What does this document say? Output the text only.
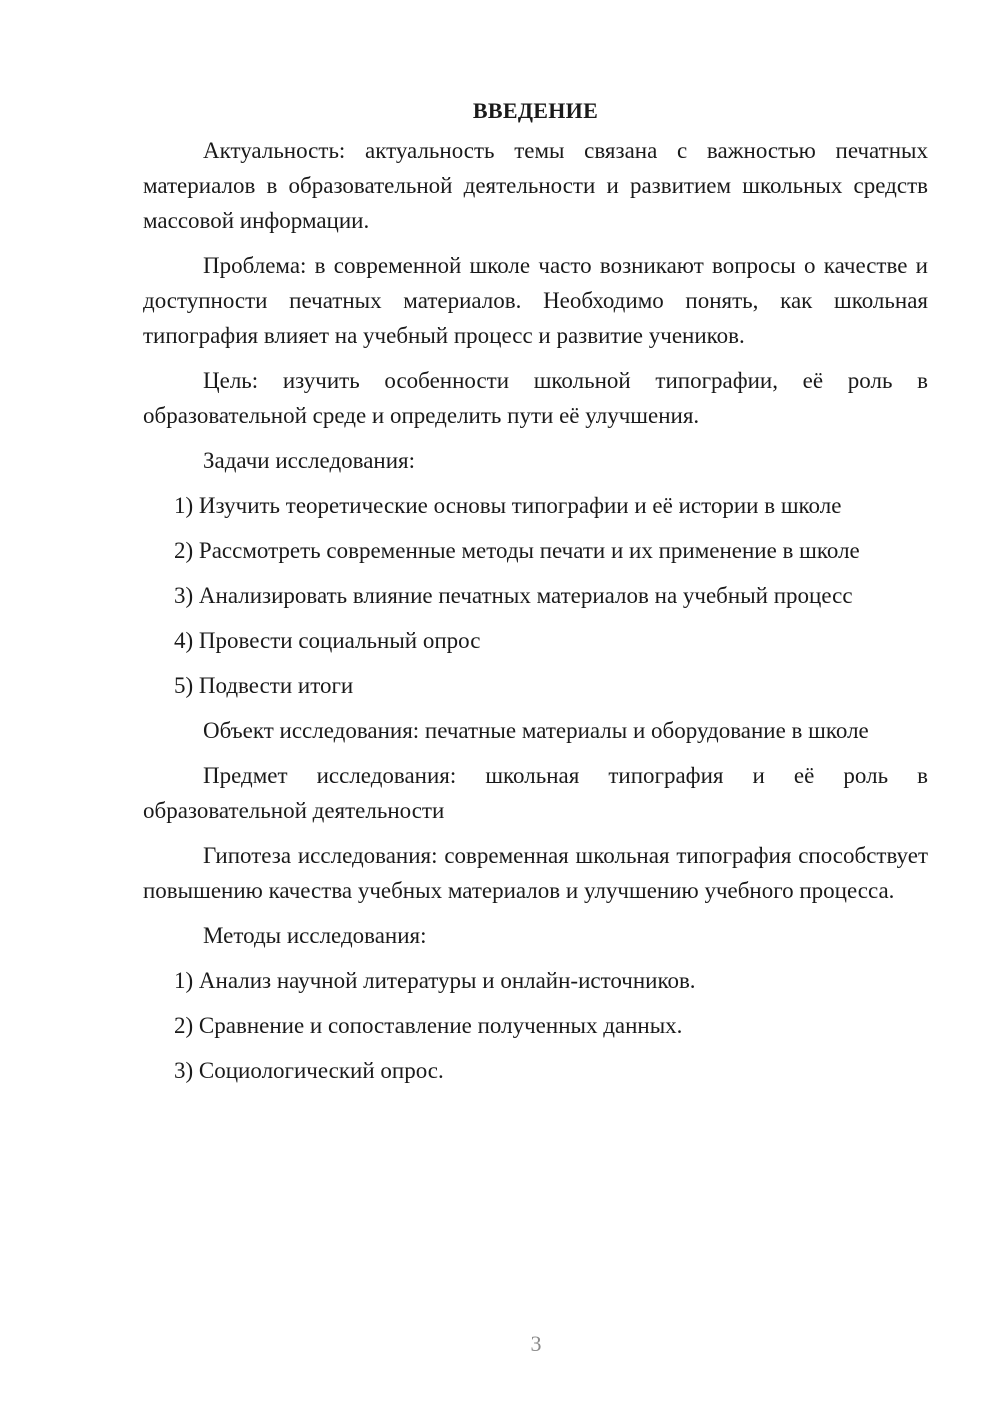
ВВЕДЕНИЕ

Актуальность: актуальность темы связана с важностью печатных материалов в образовательной деятельности и развитием школьных средств массовой информации.

Проблема: в современной школе часто возникают вопросы о качестве и доступности печатных материалов. Необходимо понять, как школьная типография влияет на учебный процесс и развитие учеников.

Цель: изучить особенности школьной типографии, её роль в образовательной среде и определить пути её улучшения.

Задачи исследования:

1) Изучить теоретические основы типографии и её истории в школе

2) Рассмотреть современные методы печати и их применение в школе

3) Анализировать влияние печатных материалов на учебный процесс

4) Провести социальный опрос

5) Подвести итоги

Объект исследования: печатные материалы и оборудование в школе

Предмет исследования: школьная типография и её роль в образовательной деятельности

Гипотеза исследования: современная школьная типография способствует повышению качества учебных материалов и улучшению учебного процесса.

Методы исследования:

1) Анализ научной литературы и онлайн-источников.

2) Сравнение и сопоставление полученных данных.

3) Социологический опрос.

3
